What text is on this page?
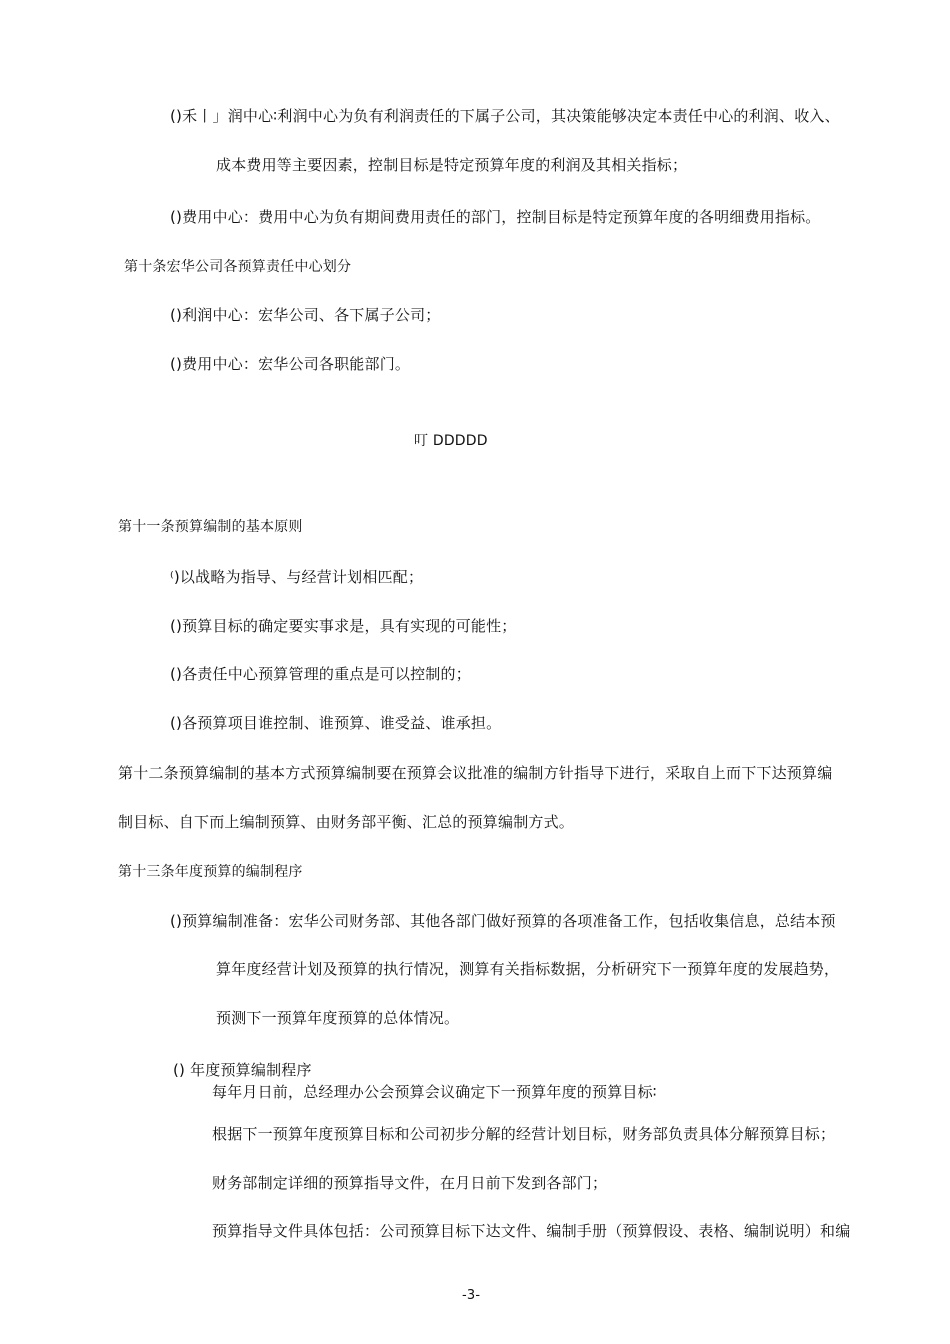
()禾丨」润中心∶利润中心为负有利润责任的下属子公司，其决策能够决定本责任中心的利润、收入、
成本费用等主要因素，控制目标是特定预算年度的利润及其相关指标；
()费用中心：费用中心为负有期间费用责任的部门，控制目标是特定预算年度的各明细费用指标。
第十条宏华公司各预算责任中心划分
()利润中心：宏华公司、各下属子公司；
()费用中心：宏华公司各职能部门。
叮 DDDDD
第十一条预算编制的基本原则
⁽)以战略为指导、与经营计划相匹配；
()预算目标的确定要实事求是，具有实现的可能性；
()各责任中心预算管理的重点是可以控制的；
()各预算项目谁控制、谁预算、谁受益、谁承担。
第十二条预算编制的基本方式预算编制要在预算会议批准的编制方针指导下进行，采取自上而下下达预算编
制目标、自下而上编制预算、由财务部平衡、汇总的预算编制方式。
第十三条年度预算的编制程序
()预算编制准备：宏华公司财务部、其他各部门做好预算的各项准备工作，包括收集信息，总结本预
算年度经营计划及预算的执行情况，测算有关指标数据，分析研究下一预算年度的发展趋势，
预测下一预算年度预算的总体情况。
() 年度预算编制程序
每年月日前，总经理办公会预算会议确定下一预算年度的预算目标∶
根据下一预算年度预算目标和公司初步分解的经营计划目标，财务部负责具体分解预算目标；
财务部制定详细的预算指导文件，在月日前下发到各部门；
预算指导文件具体包括：公司预算目标下达文件、编制手册（预算假设、表格、编制说明）和编
-3-
